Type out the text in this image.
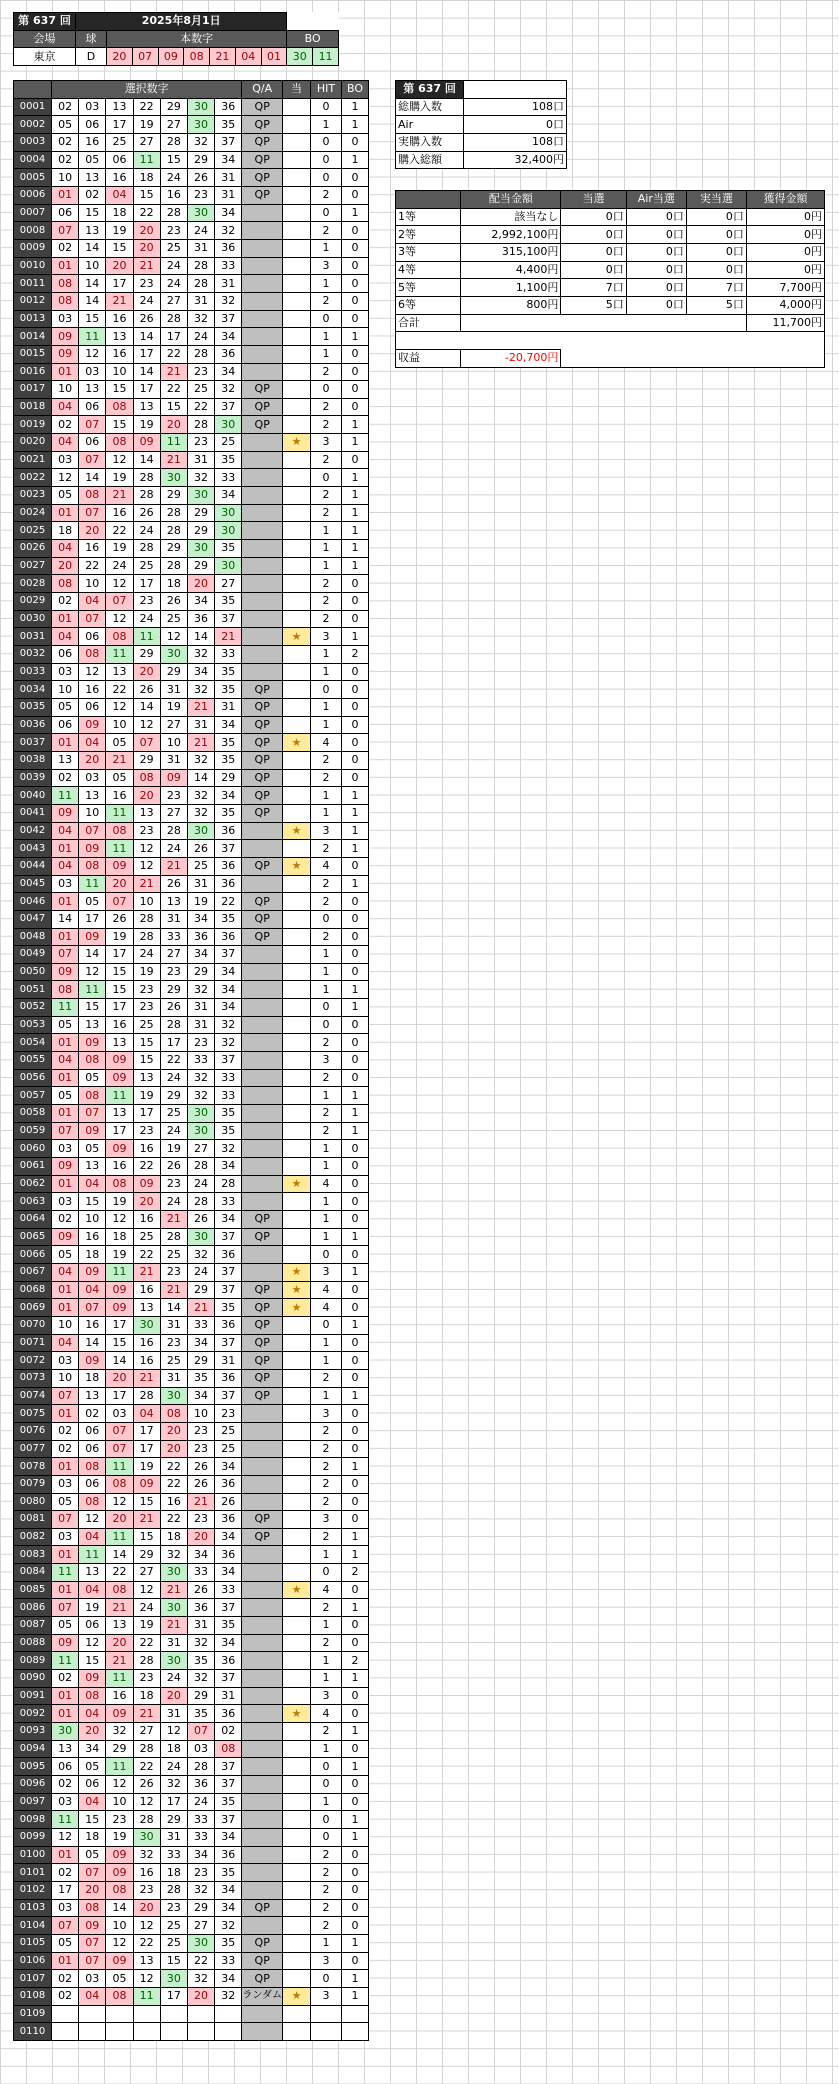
第 637 回	2025年8月1日									
会場	球	本数字							BO	
東京	D	20	07	09	08	21	04	01	30	11
	選択数字							Q/A	当	HIT	BO
0001	02	03	13	22	29	30	36	QP		0	1
0002	05	06	17	19	27	30	35	QP		1	1
0003	02	16	25	27	28	32	37	QP		0	0
0004	02	05	06	11	15	29	34	QP		0	1
0005	10	13	16	18	24	26	31	QP		0	0
0006	01	02	04	15	16	23	31	QP		2	0
0007	06	15	18	22	28	30	34			0	1
0008	07	13	19	20	23	24	32			2	0
0009	02	14	15	20	25	31	36			1	0
0010	01	10	20	21	24	28	33			3	0
0011	08	14	17	23	24	28	31			1	0
0012	08	14	21	24	27	31	32			2	0
0013	03	15	16	26	28	32	37			0	0
0014	09	11	13	14	17	24	34			1	1
0015	09	12	16	17	22	28	36			1	0
0016	01	03	10	14	21	23	34			2	0
0017	10	13	15	17	22	25	32	QP		0	0
0018	04	06	08	13	15	22	37	QP		2	0
0019	02	07	15	19	20	28	30	QP		2	1
0020	04	06	08	09	11	23	25		★	3	1
0021	03	07	12	14	21	31	35			2	0
0022	12	14	19	28	30	32	33			0	1
0023	05	08	21	28	29	30	34			2	1
0024	01	07	16	26	28	29	30			2	1
0025	18	20	22	24	28	29	30			1	1
0026	04	16	19	28	29	30	35			1	1
0027	20	22	24	25	28	29	30			1	1
0028	08	10	12	17	18	20	27			2	0
0029	02	04	07	23	26	34	35			2	0
0030	01	07	12	24	25	36	37			2	0
0031	04	06	08	11	12	14	21		★	3	1
0032	06	08	11	29	30	32	33			1	2
0033	03	12	13	20	29	34	35			1	0
0034	10	16	22	26	31	32	35	QP		0	0
0035	05	06	12	14	19	21	31	QP		1	0
0036	06	09	10	12	27	31	34	QP		1	0
0037	01	04	05	07	10	21	35	QP	★	4	0
0038	13	20	21	29	31	32	35	QP		2	0
0039	02	03	05	08	09	14	29	QP		2	0
0040	11	13	16	20	23	32	34	QP		1	1
0041	09	10	11	13	27	32	35	QP		1	1
0042	04	07	08	23	28	30	36		★	3	1
0043	01	09	11	12	24	26	37			2	1
0044	04	08	09	12	21	25	36	QP	★	4	0
0045	03	11	20	21	26	31	36			2	1
0046	01	05	07	10	13	19	22	QP		2	0
0047	14	17	26	28	31	34	35	QP		0	0
0048	01	09	19	28	33	36	36	QP		2	0
0049	07	14	17	24	27	34	37			1	0
0050	09	12	15	19	23	29	34			1	0
0051	08	11	15	23	29	32	34			1	1
0052	11	15	17	23	26	31	34			0	1
0053	05	13	16	25	28	31	32			0	0
0054	01	09	13	15	17	23	32			2	0
0055	04	08	09	15	22	33	37			3	0
0056	01	05	09	13	24	32	33			2	0
0057	05	08	11	19	29	32	33			1	1
0058	01	07	13	17	25	30	35			2	1
0059	07	09	17	23	24	30	35			2	1
0060	03	05	09	16	19	27	32			1	0
0061	09	13	16	22	26	28	34			1	0
0062	01	04	08	09	23	24	28		★	4	0
0063	03	15	19	20	24	28	33			1	0
0064	02	10	12	16	21	26	34	QP		1	0
0065	09	16	18	25	28	30	37	QP		1	1
0066	05	18	19	22	25	32	36			0	0
0067	04	09	11	21	23	24	37		★	3	1
0068	01	04	09	16	21	29	37	QP	★	4	0
0069	01	07	09	13	14	21	35	QP	★	4	0
0070	10	16	17	30	31	33	36	QP		0	1
0071	04	14	15	16	23	34	37	QP		1	0
0072	03	09	14	16	25	29	31	QP		1	0
0073	10	18	20	21	31	35	36	QP		2	0
0074	07	13	17	28	30	34	37	QP		1	1
0075	01	02	03	04	08	10	23			3	0
0076	02	06	07	17	20	23	25			2	0
0077	02	06	07	17	20	23	25			2	0
0078	01	08	11	19	22	26	34			2	1
0079	03	06	08	09	22	26	36			2	0
0080	05	08	12	15	16	21	26			2	0
0081	07	12	20	21	22	23	36	QP		3	0
0082	03	04	11	15	18	20	34	QP		2	1
0083	01	11	14	29	32	34	36			1	1
0084	11	13	22	27	30	33	34			0	2
0085	01	04	08	12	21	26	33		★	4	0
0086	07	19	21	24	30	36	37			2	1
0087	05	06	13	19	21	31	35			1	0
0088	09	12	20	22	31	32	34			2	0
0089	11	15	21	28	30	35	36			1	2
0090	02	09	11	23	24	32	37			1	1
0091	01	08	16	18	20	29	31			3	0
0092	01	04	09	21	31	35	36		★	4	0
0093	30	20	32	27	12	07	02			2	1
0094	13	34	29	28	18	03	08			1	0
0095	06	05	11	22	24	28	37			0	1
0096	02	06	12	26	32	36	37			0	0
0097	03	04	10	12	17	24	35			1	0
0098	11	15	23	28	29	33	37			0	1
0099	12	18	19	30	31	33	34			0	1
0100	01	05	09	32	33	34	36			2	0
0101	02	07	09	16	18	23	35			2	0
0102	17	20	08	23	28	32	34			2	0
0103	03	08	14	20	23	29	34	QP		2	0
0104	07	09	10	12	25	27	32			2	0
0105	05	07	12	22	25	30	35	QP		1	1
0106	01	07	09	13	15	22	33	QP		3	0
0107	02	03	05	12	30	32	34	QP		0	1
0108	02	04	08	11	17	20	32	ランダム	★	3	1
0109											
0110											
第 637 回	
総購入数	108口
Air	0口
実購入数	108口
購入総額	32,400円
	配当金額	当選	Air当選	実当選	獲得金額
1等	該当なし	0口	0口	0口	0円
2等	2,992,100円	0口	0口	0口	0円
3等	315,100円	0口	0口	0口	0円
4等	4,400円	0口	0口	0口	0円
5等	1,100円	7口	0口	7口	7,700円
6等	800円	5口	0口	5口	4,000円
合計					11,700円

収益	-20,700円				
